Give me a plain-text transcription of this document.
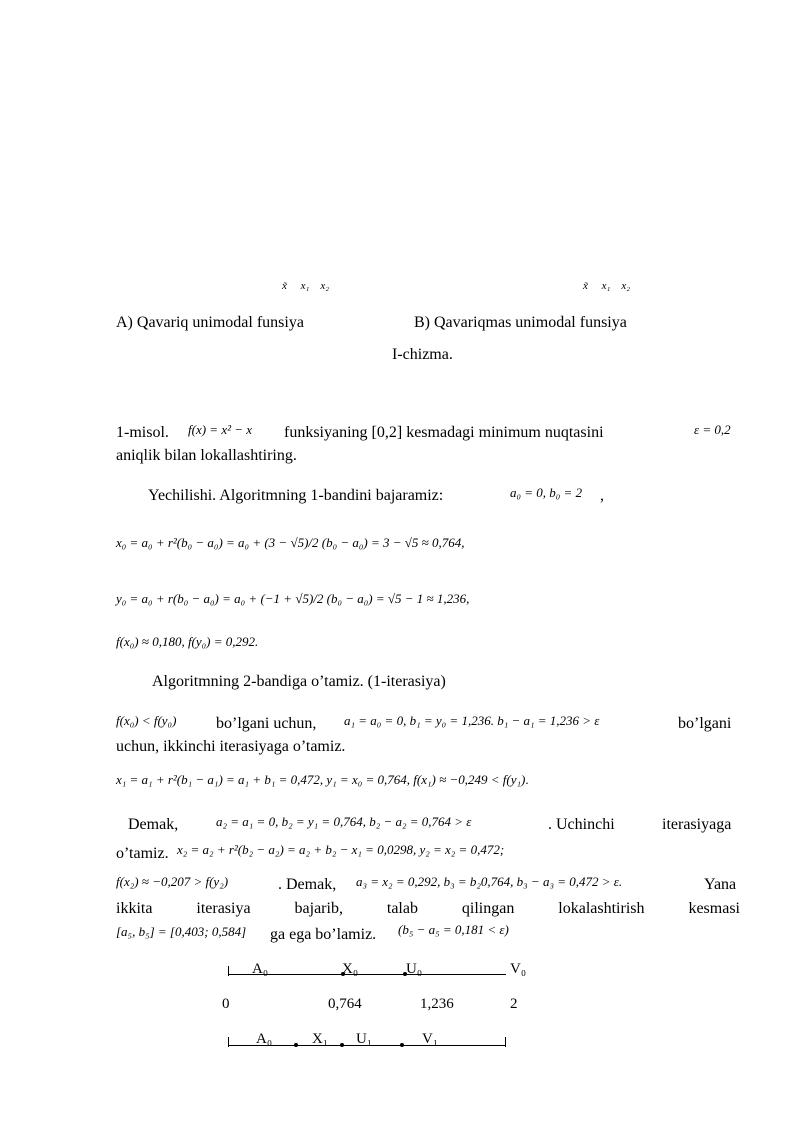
x̃ x₁ x₂	x̃ x₁ x₂
A) Qavariq unimodal funsiya	B) Qavariqmas unimodal funsiya
I-chizma.
1-misol. f(x) = x² − x funksiyaning [0,2] kesmadagi minimum nuqtasini	ε = 0,2
aniqlik bilan lokallashtiring.
Yechilishi. Algoritmning 1-bandini bajaramiz:	a₀ = 0, b₀ = 2 ,
x₀ = a₀ + r²(b₀ − a₀) = a₀ + (3 − √5)/2 (b₀ − a₀) = 3 − √5 ≈ 0,764,
y₀ = a₀ + r(b₀ − a₀) = a₀ + (−1 + √5)/2 (b₀ − a₀) = √5 − 1 ≈ 1,236,
f(x₀) ≈ 0,180, f(y₀) = 0,292.
Algoritmning 2-bandiga o’tamiz. (1-iterasiya)
f(x₀) < f(y₀) bo’lgani uchun, a₁ = a₀ = 0, b₁ = y₀ = 1,236. b₁ − a₁ = 1,236 > ε	bo’lgani
uchun, ikkinchi iterasiyaga o’tamiz.
x₁ = a₁ + r²(b₁ − a₁) = a₁ + b₁ = 0,472, y₁ = x₀ = 0,764, f(x₁) ≈ −0,249 < f(y₁).
Demak,	a₂ = a₁ = 0, b₂ = y₁ = 0,764, b₂ − a₂ = 0,764 > ε	. Uchinchi	iterasiyaga
o’tamiz. x₂ = a₂ + r²(b₂ − a₂) = a₂ + b₂ − x₁ = 0,0298, y₂ = x₂ = 0,472;
f(x₂) ≈ −0,207 > f(y₂)	. Demak, a₃ = x₂ = 0,292, b₃ = b₂0,764, b₃ − a₃ = 0,472 > ε.	Yana
ikkita	iterasiya	bajarib,	talab	qilingan	lokalashtirish	kesmasi
[a₅, b₅] = [0,403; 0,584] ga ega bo’lamiz. (b₅ − a₅ = 0,181 < ε)
A₀	X₀	U₀	V₀
0	0,764	1,236	2
A₀	X₁ U₁	V₁
